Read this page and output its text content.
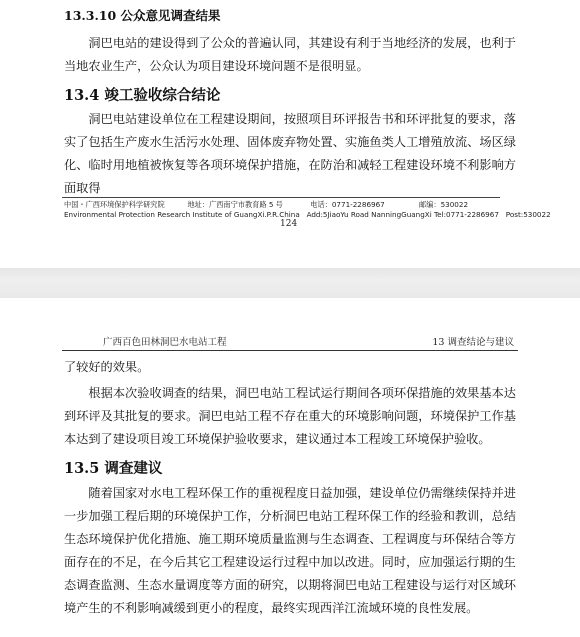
13.3.10 公众意见调查结果

洞巴电站的建设得到了公众的普遍认同，其建设有利于当地经济的发展，也利于当地农业生产，公众认为项目建设环境问题不是很明显。

13.4 竣工验收综合结论

洞巴电站建设单位在工程建设期间，按照项目环评报告书和环评批复的要求，落实了包括生产废水生活污水处理、固体废弃物处置、实施鱼类人工增殖放流、场区绿化、临时用地植被恢复等各项环境保护措施，在防治和减轻工程建设环境不利影响方面取得

中国・广西环境保护科学研究院          地址：广西南宁市教育路 5 号            电话：0771-2286967               邮编：530022
Environmental Protection Research Institute of GuangXi.P.R.China   Add:5JiaoYu Road NanningGuangXi Tel:0771-2286967   Post:530022
124
广西百色田林洞巴水电站工程	13 调查结论与建议

了较好的效果。

根据本次验收调查的结果，洞巴电站工程试运行期间各项环保措施的效果基本达到环评及其批复的要求。洞巴电站工程不存在重大的环境影响问题，环境保护工作基本达到了建设项目竣工环境保护验收要求，建议通过本工程竣工环境保护验收。

13.5 调查建议

随着国家对水电工程环保工作的重视程度日益加强，建设单位仍需继续保持并进一步加强工程后期的环境保护工作，分析洞巴电站工程环保工作的经验和教训，总结生态环境保护优化措施、施工期环境质量监测与生态调查、工程调度与环保结合等方面存在的不足，在今后其它工程建设运行过程中加以改进。同时，应加强运行期的生态调查监测、生态水量调度等方面的研究，以期将洞巴电站工程建设与运行对区域环境产生的不利影响减缓到更小的程度，最终实现西洋江流域环境的良性发展。
